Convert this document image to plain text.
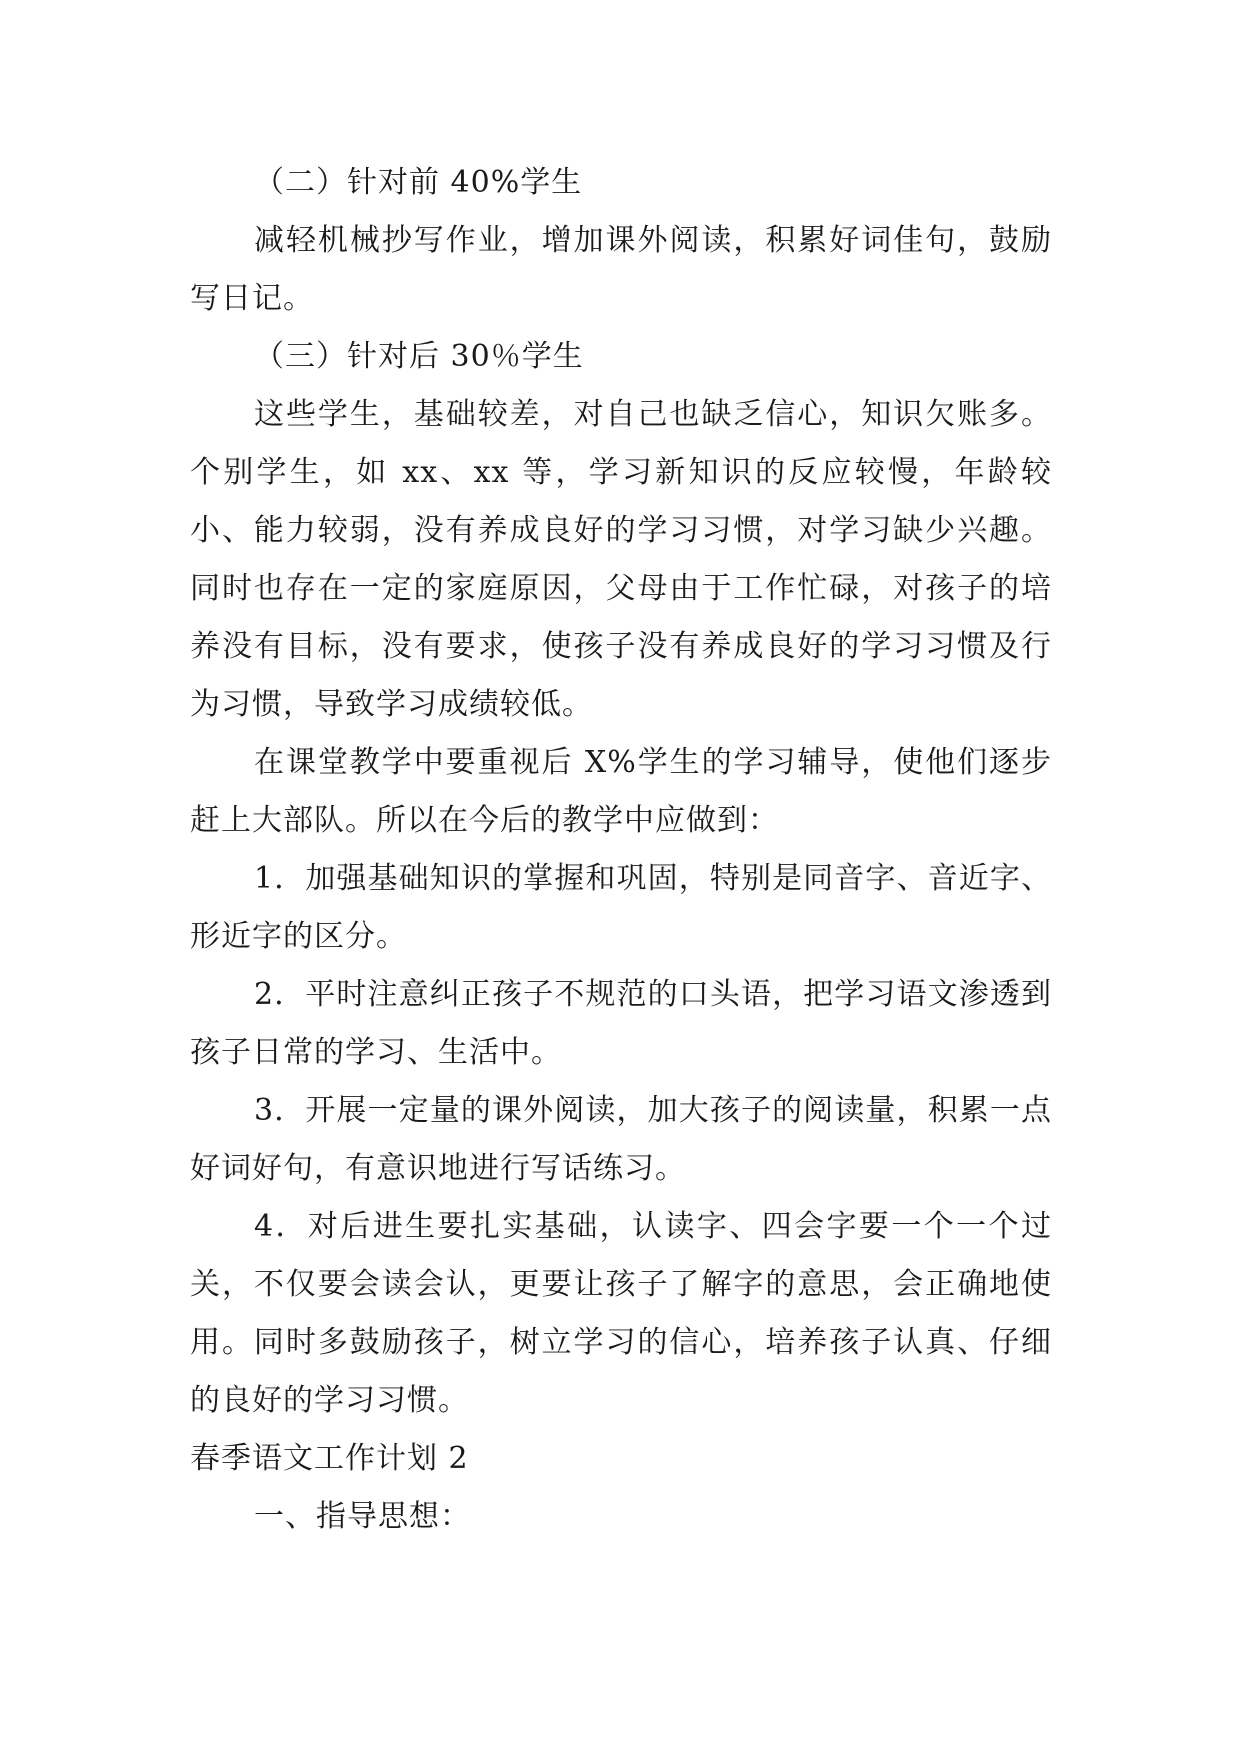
（二）针对前 40%学生

减轻机械抄写作业，增加课外阅读，积累好词佳句，鼓励写日记。

（三）针对后 30％学生

这些学生，基础较差，对自己也缺乏信心，知识欠账多。个别学生，如 xx、xx 等，学习新知识的反应较慢，年龄较小、能力较弱，没有养成良好的学习习惯，对学习缺少兴趣。同时也存在一定的家庭原因，父母由于工作忙碌，对孩子的培养没有目标，没有要求，使孩子没有养成良好的学习习惯及行为习惯，导致学习成绩较低。

在课堂教学中要重视后 X%学生的学习辅导，使他们逐步赶上大部队。所以在今后的教学中应做到：

1．加强基础知识的掌握和巩固，特别是同音字、音近字、形近字的区分。

2．平时注意纠正孩子不规范的口头语，把学习语文渗透到孩子日常的学习、生活中。

3．开展一定量的课外阅读，加大孩子的阅读量，积累一点好词好句，有意识地进行写话练习。

4．对后进生要扎实基础，认读字、四会字要一个一个过关，不仅要会读会认，更要让孩子了解字的意思，会正确地使用。同时多鼓励孩子，树立学习的信心，培养孩子认真、仔细的良好的学习习惯。

春季语文工作计划 2

一、指导思想：
